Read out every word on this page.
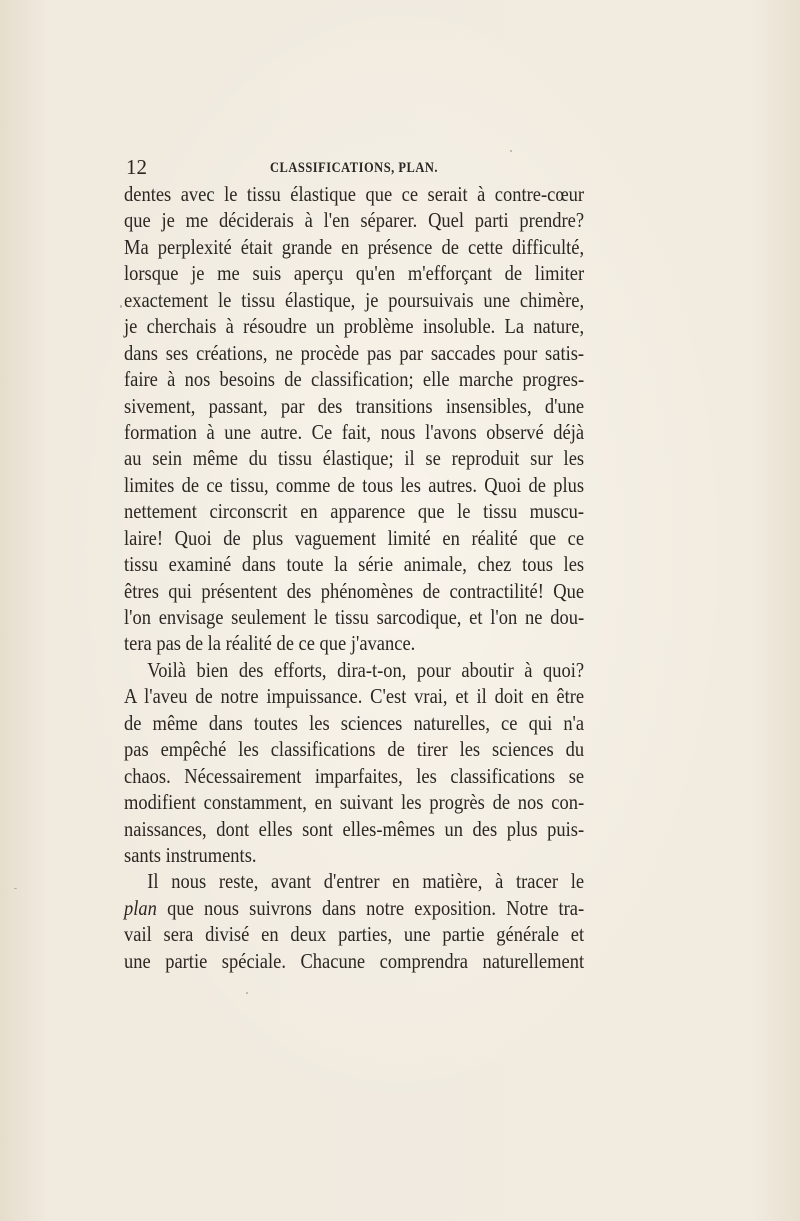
12	CLASSIFICATIONS, PLAN.
dentes avec le tissu élastique que ce serait à contre-cœur
que je me déciderais à l'en séparer. Quel parti prendre?
Ma perplexité était grande en présence de cette difficulté,
lorsque je me suis aperçu qu'en m'efforçant de limiter
exactement le tissu élastique, je poursuivais une chimère,
je cherchais à résoudre un problème insoluble. La nature,
dans ses créations, ne procède pas par saccades pour satis-
faire à nos besoins de classification; elle marche progres-
sivement, passant, par des transitions insensibles, d'une
formation à une autre. Ce fait, nous l'avons observé déjà
au sein même du tissu élastique; il se reproduit sur les
limites de ce tissu, comme de tous les autres. Quoi de plus
nettement circonscrit en apparence que le tissu muscu-
laire! Quoi de plus vaguement limité en réalité que ce
tissu examiné dans toute la série animale, chez tous les
êtres qui présentent des phénomènes de contractilité! Que
l'on envisage seulement le tissu sarcodique, et l'on ne dou-
tera pas de la réalité de ce que j'avance.
Voilà bien des efforts, dira-t-on, pour aboutir à quoi?
A l'aveu de notre impuissance. C'est vrai, et il doit en être
de même dans toutes les sciences naturelles, ce qui n'a
pas empêché les classifications de tirer les sciences du
chaos. Nécessairement imparfaites, les classifications se
modifient constamment, en suivant les progrès de nos con-
naissances, dont elles sont elles-mêmes un des plus puis-
sants instruments.
Il nous reste, avant d'entrer en matière, à tracer le
plan que nous suivrons dans notre exposition. Notre tra-
vail sera divisé en deux parties, une partie générale et
une partie spéciale. Chacune comprendra naturellement
